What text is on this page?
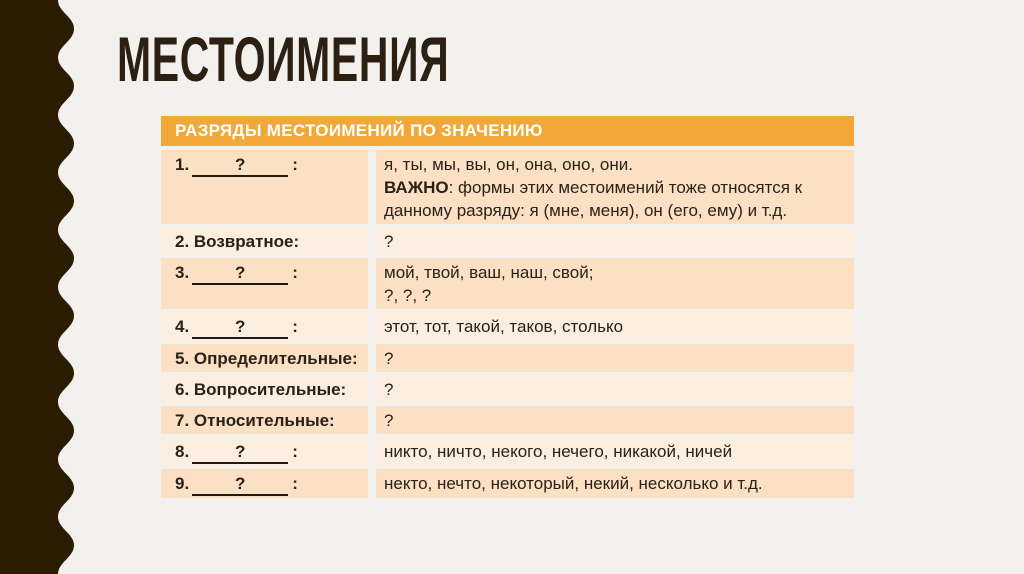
МЕСТОИМЕНИЯ
РАЗРЯДЫ МЕСТОИМЕНИЙ ПО ЗНАЧЕНИЮ
1.	?	:	я, ты, мы, вы, он, она, оно, они.
ВАЖНО: формы этих местоимений тоже относятся к данному разряду: я (мне, меня), он (его, ему) и т.д.
2. Возвратное:	?
3.	?	:	мой, твой, ваш, наш, свой;
?, ?, ?
4.	?	:	этот, тот, такой, таков, столько
5. Определительные:	?
6. Вопросительные:	?
7. Относительные:	?
8.	?	:	никто, ничто, некого, нечего, никакой, ничей
9.	?	:	некто, нечто, некоторый, некий, несколько и т.д.
